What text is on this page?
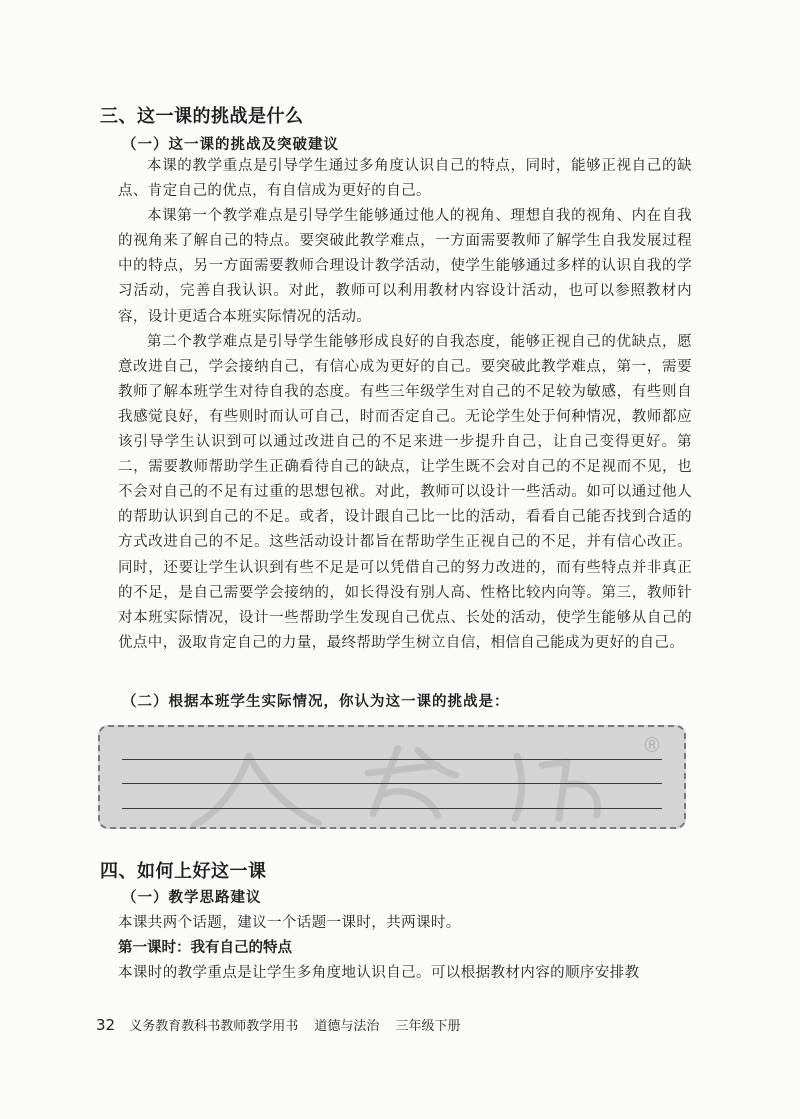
三、这一课的挑战是什么
（一）这一课的挑战及突破建议

本课的教学重点是引导学生通过多角度认识自己的特点，同时，能够正视自己的缺点、肯定自己的优点，有自信成为更好的自己。

本课第一个教学难点是引导学生能够通过他人的视角、理想自我的视角、内在自我的视角来了解自己的特点。要突破此教学难点，一方面需要教师了解学生自我发展过程中的特点，另一方面需要教师合理设计教学活动，使学生能够通过多样的认识自我的学习活动，完善自我认识。对此，教师可以利用教材内容设计活动，也可以参照教材内容，设计更适合本班实际情况的活动。

第二个教学难点是引导学生能够形成良好的自我态度，能够正视自己的优缺点，愿意改进自己，学会接纳自己，有信心成为更好的自己。要突破此教学难点，第一，需要教师了解本班学生对待自我的态度。有些三年级学生对自己的不足较为敏感，有些则自我感觉良好，有些则时而认可自己，时而否定自己。无论学生处于何种情况，教师都应该引导学生认识到可以通过改进自己的不足来进一步提升自己，让自己变得更好。第二，需要教师帮助学生正确看待自己的缺点，让学生既不会对自己的不足视而不见，也不会对自己的不足有过重的思想包袱。对此，教师可以设计一些活动。如可以通过他人的帮助认识到自己的不足。或者，设计跟自己比一比的活动，看看自己能否找到合适的方式改进自己的不足。这些活动设计都旨在帮助学生正视自己的不足，并有信心改正。同时，还要让学生认识到有些不足是可以凭借自己的努力改进的，而有些特点并非真正的不足，是自己需要学会接纳的，如长得没有别人高、性格比较内向等。第三，教师针对本班实际情况，设计一些帮助学生发现自己优点、长处的活动，使学生能够从自己的优点中，汲取肯定自己的力量，最终帮助学生树立自信，相信自己能成为更好的自己。

（二）根据本班学生实际情况，你认为这一课的挑战是：
®
四、如何上好这一课
（一）教学思路建议

本课共两个话题，建议一个话题一课时，共两课时。

第一课时：我有自己的特点

本课时的教学重点是让学生多角度地认识自己。可以根据教材内容的顺序安排教

32 义务教育教科书教师教学用书 道德与法治 三年级下册
